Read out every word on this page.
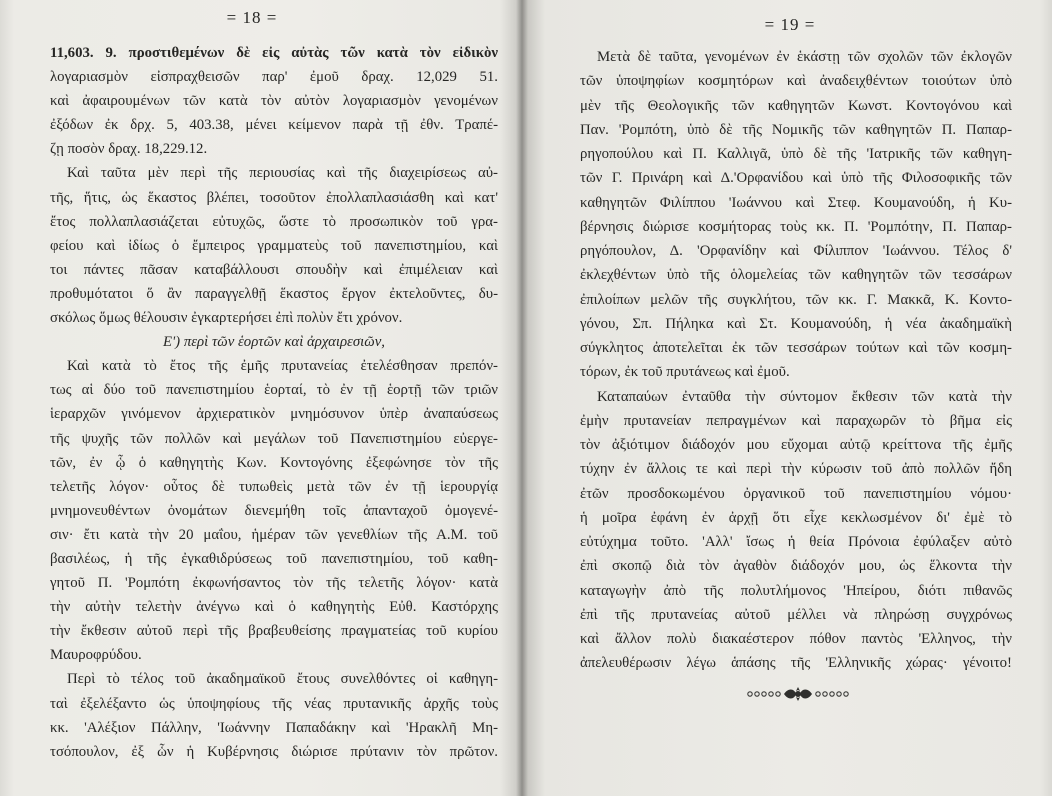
= 18 =
11,603. 9. προστιθεμένων δὲ εἰς αὐτὰς τῶν κατὰ τὸν εἰδικὸν
λογαριασμὸν εἰσπραχθεισῶν παρ' ἐμοῦ δραχ. 12,029 51.
καὶ ἀφαιρουμένων τῶν κατὰ τὸν αὐτὸν λογαριασμὸν γενομένων
ἐξόδων ἐκ δρχ. 5, 403.38, μένει κείμενον παρὰ τῇ ἐθν. Τραπέ-
ζῃ ποσὸν δραχ. 18,229.12.
Καὶ ταῦτα μὲν περὶ τῆς περιουσίας καὶ τῆς διαχειρίσεως αὐ-
τῆς, ἥτις, ὡς ἕκαστος βλέπει, τοσοῦτον ἐπολλαπλασιάσθη καὶ κατ'
ἔτος πολλαπλασιάζεται εὐτυχῶς, ὥστε τὸ προσωπικὸν τοῦ γρα-
φείου καὶ ἰδίως ὁ ἔμπειρος γραμματεὺς τοῦ πανεπιστημίου, καὶ
τοι πάντες πᾶσαν καταβάλλουσι σπουδὴν καὶ ἐπιμέλειαν καὶ
προθυμότατοι ὅ ἂν παραγγελθῇ ἕκαστος ἔργον ἐκτελοῦντες, δυ-
σκόλως ὅμως θέλουσιν ἐγκαρτερήσει ἐπὶ πολὺν ἔτι χρόνον.
Ε') περὶ τῶν ἑορτῶν καὶ ἀρχαιρεσιῶν,
Καὶ κατὰ τὸ ἔτος τῆς ἐμῆς πρυτανείας ἐτελέσθησαν πρεπόν-
τως αἱ δύο τοῦ πανεπιστημίου ἑορταί, τὸ ἐν τῇ ἑορτῇ τῶν τριῶν
ἱεραρχῶν γινόμενον ἀρχιερατικὸν μνημόσυνον ὑπὲρ ἀναπαύσεως
τῆς ψυχῆς τῶν πολλῶν καὶ μεγάλων τοῦ Πανεπιστημίου εὐεργε-
τῶν, ἐν ᾧ ὁ καθηγητὴς Κων. Κοντογόνης ἐξεφώνησε τὸν τῆς
τελετῆς λόγον· οὗτος δὲ τυπωθεὶς μετὰ τῶν ἐν τῇ ἱερουργίᾳ
μνημονευθέντων ὀνομάτων διενεμήθη τοῖς ἁπανταχοῦ ὁμογενέ-
σιν· ἔτι κατὰ τὴν 20 μαΐου, ἡμέραν τῶν γενεθλίων τῆς Α.Μ. τοῦ
βασιλέως, ἡ τῆς ἐγκαθιδρύσεως τοῦ πανεπιστημίου, τοῦ καθη-
γητοῦ Π. 'Ρομπότη ἐκφωνήσαντος τὸν τῆς τελετῆς λόγον· κατὰ
τὴν αὐτὴν τελετὴν ἀνέγνω καὶ ὁ καθηγητὴς Εὐθ. Καστόρχης
τὴν ἔκθεσιν αὐτοῦ περὶ τῆς βραβευθείσης πραγματείας τοῦ κυρίου
Μαυροφρύδου.
Περὶ τὸ τέλος τοῦ ἀκαδημαϊκοῦ ἔτους συνελθόντες οἱ καθηγη-
ταὶ ἐξελέξαντο ὡς ὑποψηφίους τῆς νέας πρυτανικῆς ἀρχῆς τοὺς
κκ. 'Αλέξιον Πάλλην, 'Ιωάννην Παπαδάκην καὶ 'Ηρακλῆ Μη-
τσόπουλον, ἐξ ὧν ἡ Κυβέρνησις διώρισε πρύτανιν τὸν πρῶτον.
= 19 =
Μετὰ δὲ ταῦτα, γενομένων ἐν ἑκάστῃ τῶν σχολῶν τῶν ἐκλογῶν
τῶν ὑποψηφίων κοσμητόρων καὶ ἀναδειχθέντων τοιούτων ὑπὸ
μὲν τῆς Θεολογικῆς τῶν καθηγητῶν Κωνστ. Κοντογόνου καὶ
Παν. 'Ρομπότη, ὑπὸ δὲ τῆς Νομικῆς τῶν καθηγητῶν Π. Παπαρ-
ρηγοπούλου καὶ Π. Καλλιγᾶ, ὑπὸ δὲ τῆς 'Ιατρικῆς τῶν καθηγη-
τῶν Γ. Πρινάρη καὶ Δ.'Ορφανίδου καὶ ὑπὸ τῆς Φιλοσοφικῆς τῶν
καθηγητῶν Φιλίππου 'Ιωάννου καὶ Στεφ. Κουμανούδη, ἡ Κυ-
βέρνησις διώρισε κοσμήτορας τοὺς κκ. Π. 'Ρομπότην, Π. Παπαρ-
ρηγόπουλον, Δ. 'Ορφανίδην καὶ Φίλιππον 'Ιωάννου. Τέλος δ'
ἐκλεχθέντων ὑπὸ τῆς ὁλομελείας τῶν καθηγητῶν τῶν τεσσάρων
ἐπιλοίπων μελῶν τῆς συγκλήτου, τῶν κκ. Γ. Μακκᾶ, Κ. Κοντο-
γόνου, Σπ. Πήληκα καὶ Στ. Κουμανούδη, ἡ νέα ἀκαδημαϊκὴ
σύγκλητος ἀποτελεῖται ἐκ τῶν τεσσάρων τούτων καὶ τῶν κοσμη-
τόρων, ἐκ τοῦ πρυτάνεως καὶ ἐμοῦ.
Καταπαύων ἐνταῦθα τὴν σύντομον ἔκθεσιν τῶν κατὰ τὴν
ἐμὴν πρυτανείαν πεπραγμένων καὶ παραχωρῶν τὸ βῆμα εἰς
τὸν ἀξιότιμον διάδοχόν μου εὔχομαι αὐτῷ κρείττονα τῆς ἐμῆς
τύχην ἐν ἄλλοις τε καὶ περὶ τὴν κύρωσιν τοῦ ἀπὸ πολλῶν ἤδη
ἐτῶν προσδοκωμένου ὀργανικοῦ τοῦ πανεπιστημίου νόμου·
ἡ μοῖρα ἐφάνη ἐν ἀρχῇ ὅτι εἶχε κεκλωσμένον δι' ἐμὲ τὸ
εὐτύχημα τοῦτο. 'Αλλ' ἴσως ἡ θεία Πρόνοια ἐφύλαξεν αὐτὸ
ἐπὶ σκοπῷ διὰ τὸν ἀγαθὸν διάδοχόν μου, ὡς ἕλκοντα τὴν
καταγωγὴν ἀπὸ τῆς πολυτλήμονος 'Ηπείρου, διότι πιθανῶς
ἐπὶ τῆς πρυτανείας αὐτοῦ μέλλει νὰ πληρώσῃ συγχρόνως
καὶ ἄλλον πολὺ διακαέστερον πόθον παντὸς 'Ελληνος, τὴν
ἀπελευθέρωσιν λέγω ἁπάσης τῆς 'Ελληνικῆς χώρας· γένοιτο!
